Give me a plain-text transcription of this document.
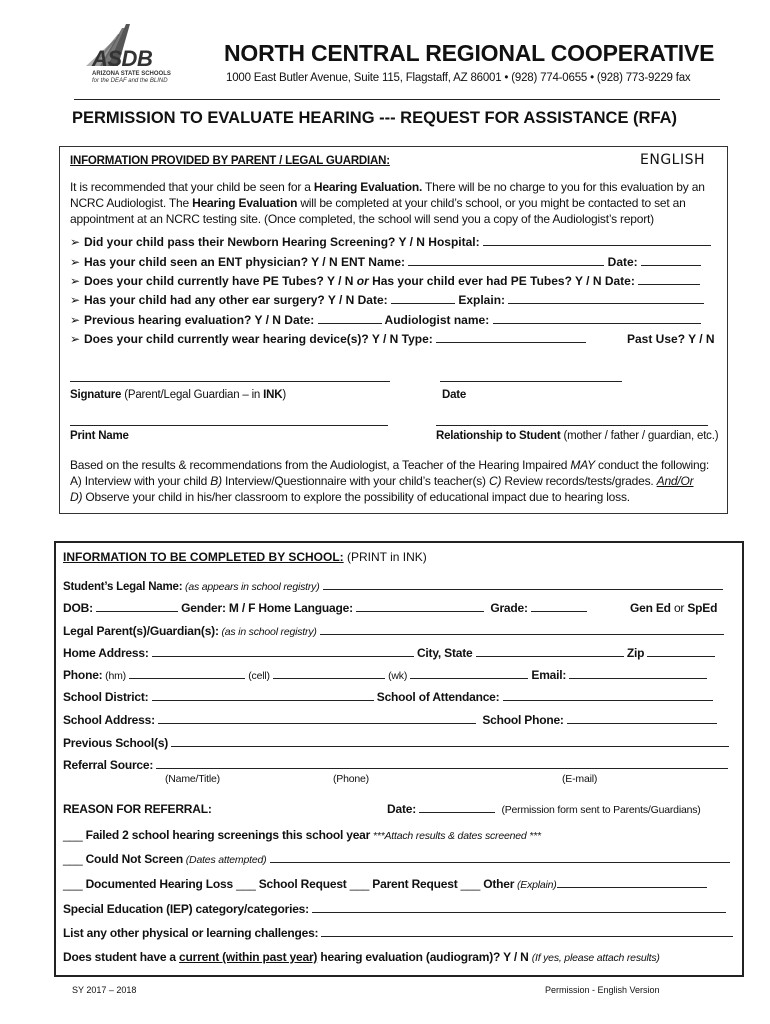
ASDB
ARIZONA STATE SCHOOLS
for the DEAF and the BLIND
NORTH CENTRAL REGIONAL COOPERATIVE
1000 East Butler Avenue, Suite 115, Flagstaff, AZ 86001 • (928) 774-0655 • (928) 773-9229 fax
PERMISSION TO EVALUATE HEARING --- REQUEST FOR ASSISTANCE (RFA)
INFORMATION PROVIDED BY PARENT / LEGAL GUARDIAN:	ENGLISH
It is recommended that your child be seen for a Hearing Evaluation. There will be no charge to you for this evaluation by an
NCRC Audiologist. The Hearing Evaluation will be completed at your child’s school, or you might be contacted to set an
appointment at an NCRC testing site. (Once completed, the school will send you a copy of the Audiologist’s report)
➢ Did your child pass their Newborn Hearing Screening? Y / N Hospital:
➢ Has your child seen an ENT physician? Y / N ENT Name:	Date:
➢ Does your child currently have PE Tubes? Y / N or Has your child ever had PE Tubes? Y / N Date:
➢ Has your child had any other ear surgery? Y / N Date:	Explain:
➢ Previous hearing evaluation? Y / N Date:	Audiologist name:
➢ Does your child currently wear hearing device(s)? Y / N Type:	Past Use? Y / N
Signature (Parent/Legal Guardian – in INK)	Date
Print Name	Relationship to Student (mother / father / guardian, etc.)
Based on the results & recommendations from the Audiologist, a Teacher of the Hearing Impaired MAY conduct the following:
A) Interview with your child B) Interview/Questionnaire with your child’s teacher(s) C) Review records/tests/grades. And/Or
D) Observe your child in his/her classroom to explore the possibility of educational impact due to hearing loss.
INFORMATION TO BE COMPLETED BY SCHOOL: (PRINT in INK)
Student’s Legal Name: (as appears in school registry)
DOB:	Gender: M / F Home Language:	Grade:	Gen Ed or SpEd
Legal Parent(s)/Guardian(s): (as in school registry)
Home Address:	City, State	Zip
Phone: (hm)	(cell)	(wk)	Email:
School District:	School of Attendance:
School Address:	School Phone:
Previous School(s)
Referral Source:
(Name/Title)	(Phone)	(E-mail)
REASON FOR REFERRAL:	Date:	(Permission form sent to Parents/Guardians)
___ Failed 2 school hearing screenings this school year ***Attach results & dates screened ***
___ Could Not Screen (Dates attempted)
___ Documented Hearing Loss ___ School Request ___ Parent Request ___ Other (Explain)
Special Education (IEP) category/categories:
List any other physical or learning challenges:
Does student have a current (within past year) hearing evaluation (audiogram)? Y / N (If yes, please attach results)
SY 2017 – 2018	Permission - English Version
